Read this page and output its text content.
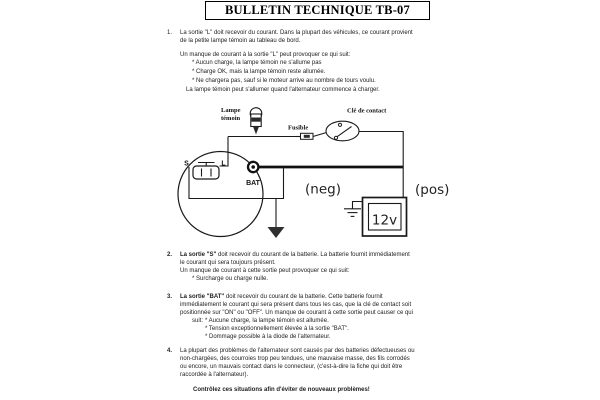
BULLETIN TECHNIQUE TB-07
1. La sortie "L" doit recevoir du courant. Dans la plupart des véhicules, ce courant provient
de la petite lampe témoin au tableau de bord.
Un manque de courant à la sortie "L" peut provoquer ce qui suit:
* Aucun charge, la lampe témoin ne s'allume pas
* Charge OK, mais la lampe témoin reste allumée.
* Ne chargera pas, sauf si le moteur arrive au nombre de tours voulu.
La lampe témoin peut s'allumer quand l'alternateur commence à charger.
S	L
BAT
12v
Lampe
témoin
Fusible
Clé de contact
(neg)	(pos)
2. La sortie "S" doit recevoir du courant de la batterie. La batterie fournit immédiatement
le courant qui sera toujours présent.
Un manque de courant à cette sortie peut provoquer ce qui suit:
* Surcharge ou charge nulle.
3. La sortie "BAT" doit recevoir du courant de la batterie. Cette batterie fournit
immédiatement le courant qui sera présent dans tous les cas, que la clé de contact soit
positionnée sur "ON" ou "OFF". Un manque de courant à cette sortie peut causer ce qui
suit: * Aucune charge, la lampe témoin est allumée.
* Tension exceptionnellement élevée à la sortie "BAT".
* Dommage possible à la diode de l'alternateur.
4. La plupart des problèmes de l'alternateur sont causés par des batteries défectueuses ou
non-chargées, des courroies trop peu tendues, une mauvaise masse, des fils corrodés
ou encore, un mauvais contact dans le connecteur, (c'est-à-dire la fiche qui doit être
raccordée à l'alternateur).
Contrôlez ces situations afin d'éviter de nouveaux problèmes!
